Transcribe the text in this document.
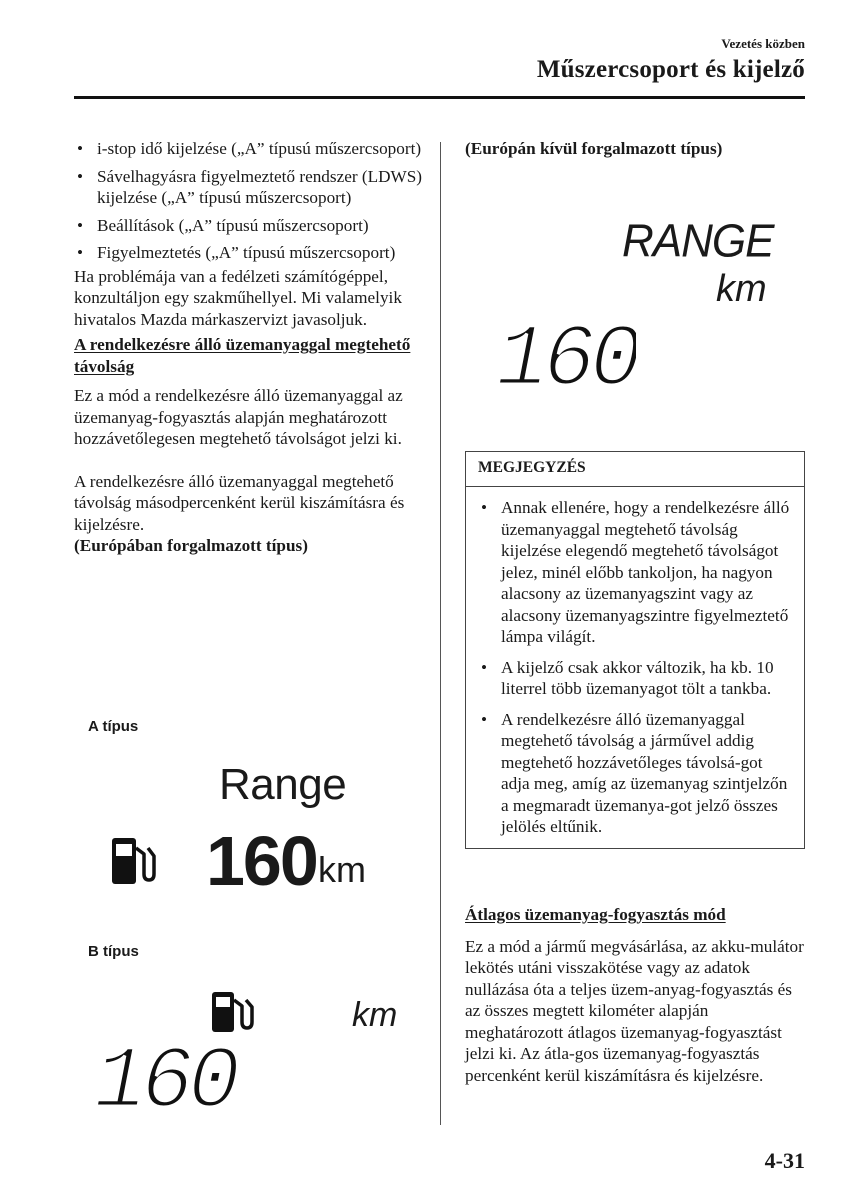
Vezetés közben
Műszercsoport és kijelző
• i-stop idő kijelzése („A” típusú műszercsoport)
• Sávelhagyásra figyelmeztető rendszer (LDWS) kijelzése („A” típusú műszercsoport)
• Beállítások („A” típusú műszercsoport)
• Figyelmeztetés („A” típusú műszercsoport)

Ha problémája van a fedélzeti számítógéppel, konzultáljon egy szakműhellyel. Mi valamelyik hivatalos Mazda márkaszervizt javasoljuk.

A rendelkezésre álló üzemanyaggal megtehető távolság

Ez a mód a rendelkezésre álló üzemanyaggal az üzemanyag-fogyasztás alapján meghatározott hozzávetőlegesen megtehető távolságot jelzi ki.

A rendelkezésre álló üzemanyaggal megtehető távolság másodpercenként kerül kiszámításra és kijelzésre.

(Európában forgalmazott típus)

A típus
Range
160 km
B típus
km
160

(Európán kívül forgalmazott típus)

RANGE
km
160
MEGJEGYZÉS
• Annak ellenére, hogy a rendelkezésre álló üzemanyaggal megtehető távolság kijelzése elegendő megtehető távolságot jelez, minél előbb tankoljon, ha nagyon alacsony az üzemanyagszint vagy az alacsony üzemanyagszintre figyelmeztető lámpa világít.
• A kijelző csak akkor változik, ha kb. 10 literrel több üzemanyagot tölt a tankba.
• A rendelkezésre álló üzemanyaggal megtehető távolság a járművel addig megtehető hozzávetőleges távolsá-got adja meg, amíg az üzemanyag szintjelzőn a megmaradt üzemanya-got jelző összes jelölés eltűnik.

Átlagos üzemanyag-fogyasztás mód

Ez a mód a jármű megvásárlása, az akku-mulátor lekötés utáni visszakötése vagy az adatok nullázása óta a teljes üzem-anyag-fogyasztás és az összes megtett kilométer alapján meghatározott átlagos üzemanyag-fogyasztást jelzi ki. Az átla-gos üzemanyag-fogyasztás percenként kerül kiszámításra és kijelzésre.

4-31
